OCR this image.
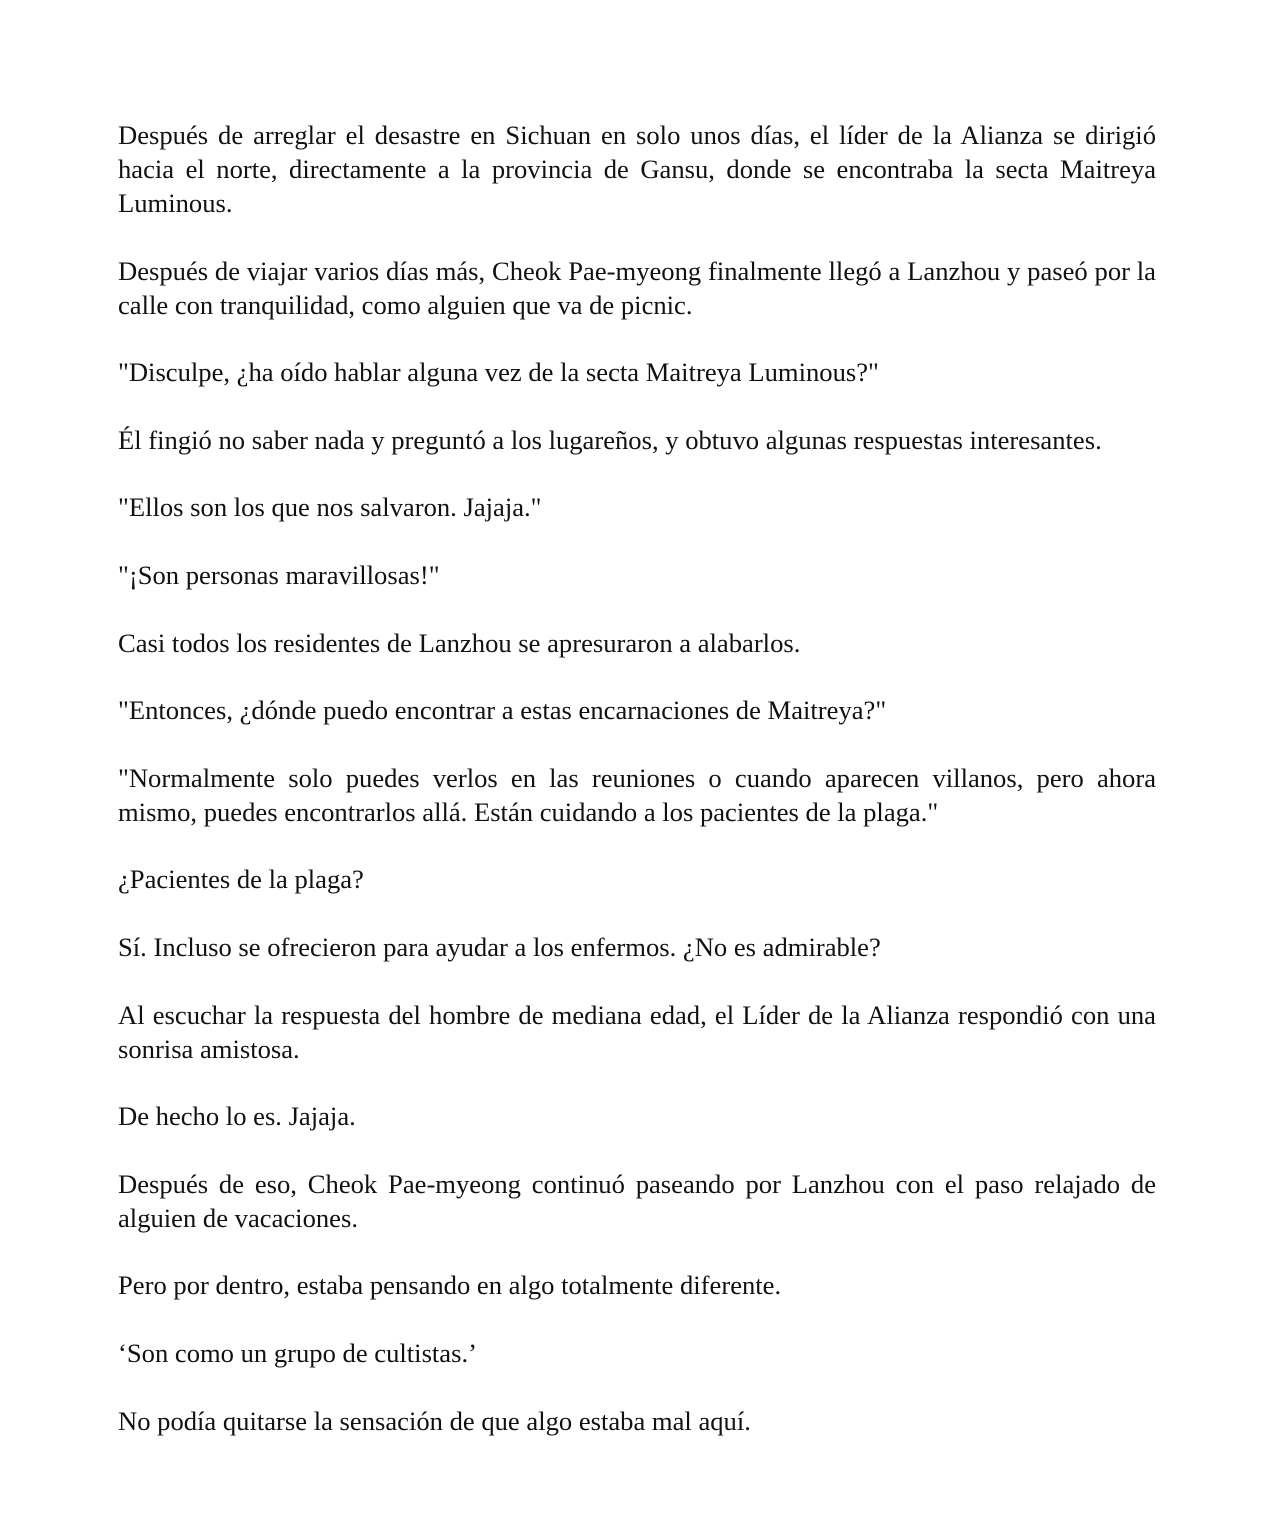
Después de arreglar el desastre en Sichuan en solo unos días, el líder de la Alianza se dirigió hacia el norte, directamente a la provincia de Gansu, donde se encontraba la secta Maitreya Luminous.

Después de viajar varios días más, Cheok Pae-myeong finalmente llegó a Lanzhou y paseó por la calle con tranquilidad, como alguien que va de picnic.

"Disculpe, ¿ha oído hablar alguna vez de la secta Maitreya Luminous?"

Él fingió no saber nada y preguntó a los lugareños, y obtuvo algunas respuestas interesantes.

"Ellos son los que nos salvaron. Jajaja."

"¡Son personas maravillosas!"

Casi todos los residentes de Lanzhou se apresuraron a alabarlos.

"Entonces, ¿dónde puedo encontrar a estas encarnaciones de Maitreya?"

"Normalmente solo puedes verlos en las reuniones o cuando aparecen villanos, pero ahora mismo, puedes encontrarlos allá. Están cuidando a los pacientes de la plaga."

¿Pacientes de la plaga?

Sí. Incluso se ofrecieron para ayudar a los enfermos. ¿No es admirable?

Al escuchar la respuesta del hombre de mediana edad, el Líder de la Alianza respondió con una sonrisa amistosa.

De hecho lo es. Jajaja.

Después de eso, Cheok Pae-myeong continuó paseando por Lanzhou con el paso relajado de alguien de vacaciones.

Pero por dentro, estaba pensando en algo totalmente diferente.

‘Son como un grupo de cultistas.’

No podía quitarse la sensación de que algo estaba mal aquí.
